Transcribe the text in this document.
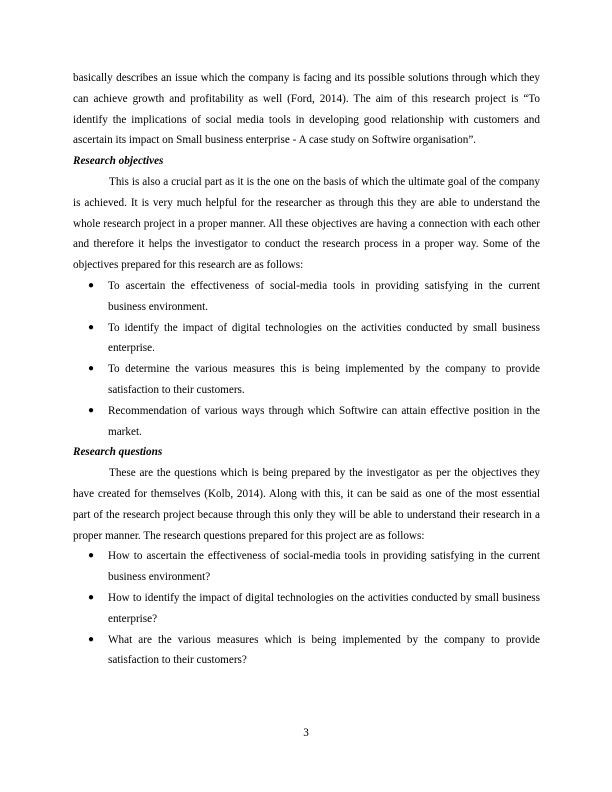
basically describes an issue which the company is facing and its possible solutions through which they can achieve growth and profitability as well (Ford, 2014). The aim of this research project is “To identify the implications of social media tools in developing good relationship with customers and ascertain its impact on Small business enterprise - A case study on Softwire organisation”.

Research objectives

This is also a crucial part as it is the one on the basis of which the ultimate goal of the company is achieved. It is very much helpful for the researcher as through this they are able to understand the whole research project in a proper manner. All these objectives are having a connection with each other and therefore it helps the investigator to conduct the research process in a proper way. Some of the objectives prepared for this research are as follows:

● To ascertain the effectiveness of social-media tools in providing satisfying in the current business environment.
● To identify the impact of digital technologies on the activities conducted by small business enterprise.
● To determine the various measures this is being implemented by the company to provide satisfaction to their customers.
● Recommendation of various ways through which Softwire can attain effective position in the market.
Research questions

These are the questions which is being prepared by the investigator as per the objectives they have created for themselves (Kolb, 2014). Along with this, it can be said as one of the most essential part of the research project because through this only they will be able to understand their research in a proper manner. The research questions prepared for this project are as follows:

● How to ascertain the effectiveness of social-media tools in providing satisfying in the current business environment?
● How to identify the impact of digital technologies on the activities conducted by small business enterprise?
● What are the various measures which is being implemented by the company to provide satisfaction to their customers?
3
